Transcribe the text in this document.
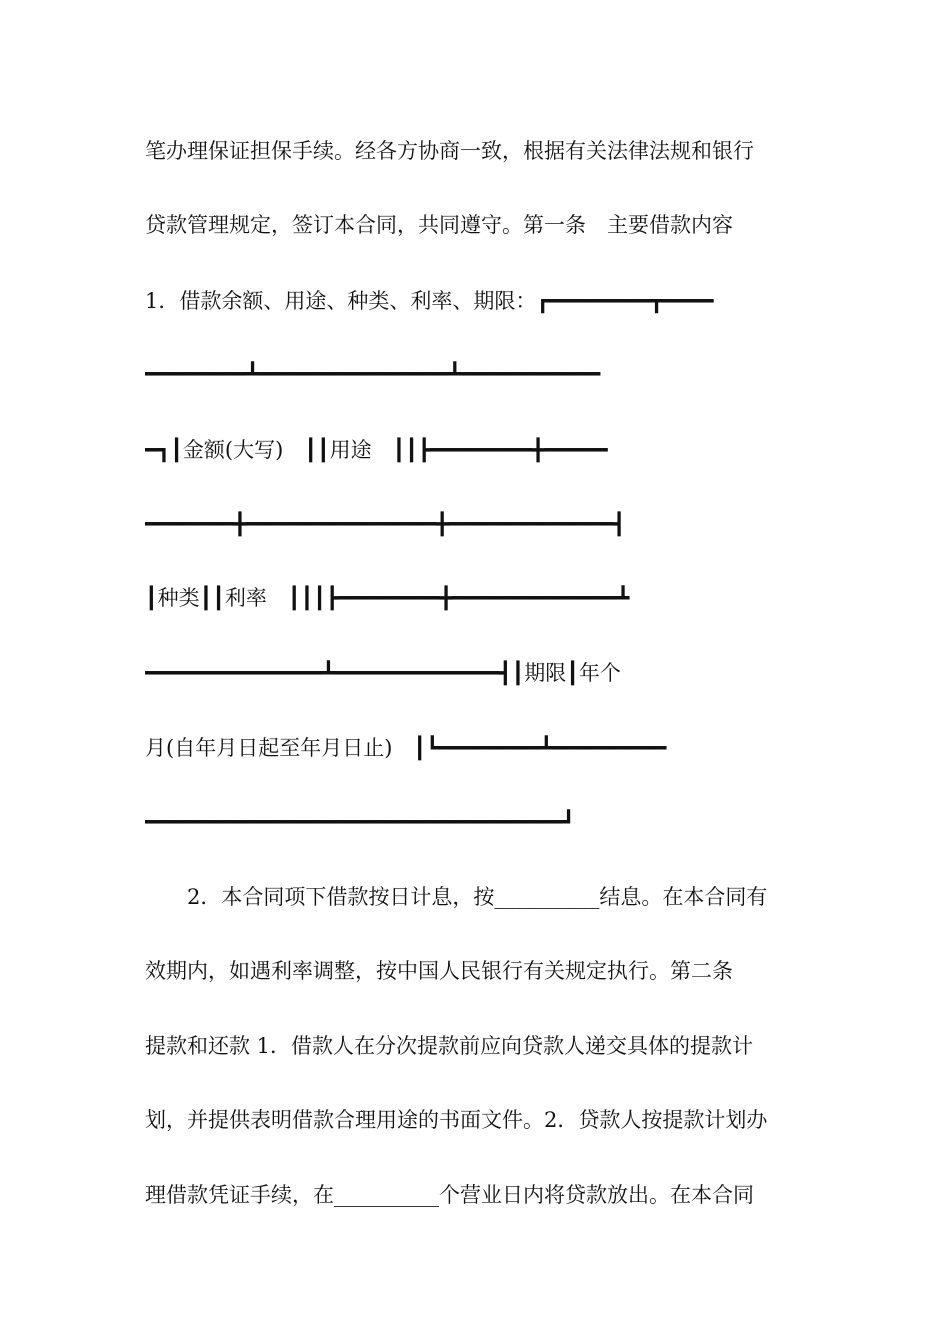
笔办理保证担保手续。经各方协商一致，根据有关法律法规和银行
贷款管理规定，签订本合同，共同遵守。第一条　主要借款内容
1．借款余额、用途、种类、利率、期限：┏━━━━━━━━┳━━━━
━━━━━━━━┻━━━━━━━━━━━━━━━┻━━━━━━━━━━━
━┓┃金额(大写)　┃┃用途　┃┃┣━━━━━━━━╋━━━━━
━━━━━━━╋━━━━━━━━━━━━━━━╋━━━━━━━━━━━━━┫
┃种类┃┃利率　┃┃┃┣━━━━━━━━╋━━━━━━━━━━━━━┻
━━━━━━━━━━━━━━┻━━━━━━━━━━━━━┫┃期限┃年个
月(自年月日起至年月日止)　┃┗━━━━━━━━┻━━━━━━━━━
━━━━━━━━━━━━━━━━━━━━━━━━━━━━━━━━━┛
　　2．本合同项下借款按日计息，按__________结息。在本合同有
效期内，如遇利率调整，按中国人民银行有关规定执行。第二条
提款和还款 1．借款人在分次提款前应向贷款人递交具体的提款计
划，并提供表明借款合理用途的书面文件。2．贷款人按提款计划办
理借款凭证手续，在__________个营业日内将贷款放出。在本合同
